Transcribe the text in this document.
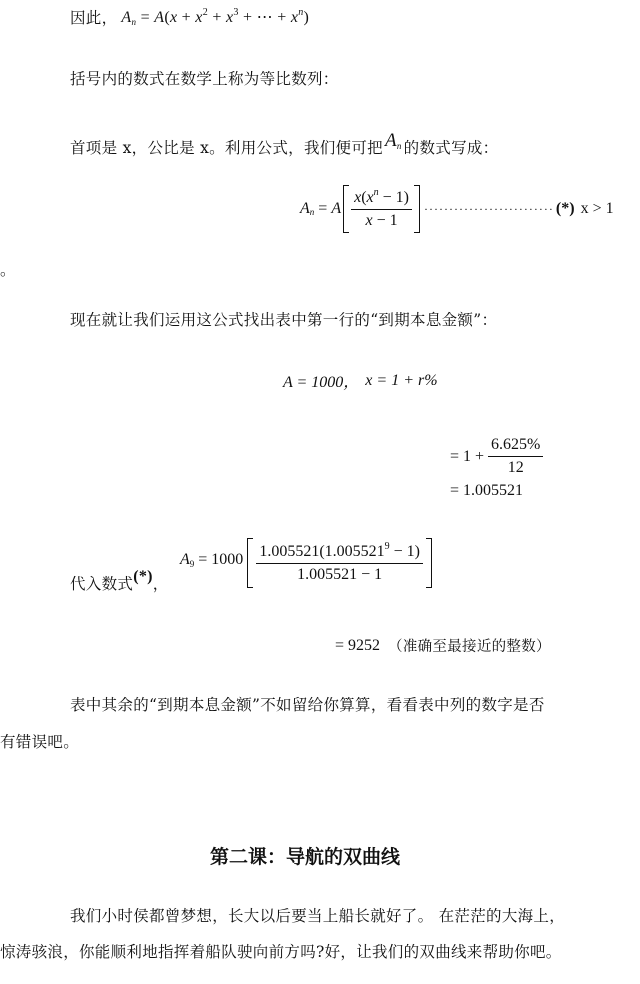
因此， $A_n = A(x + x^2 + x^3$ + ⋯ + $x^n$)
括号内的数式在数学上称为等比数列：
首项是 x，公比是 x。利用公式，我们便可把 $A_n$ 的数式写成：
$A_n = A \frac{x(x^n - 1)}{x - 1}$ ·························· (*) x > 1
。
现在就让我们运用这公式找出表中第一行的“到期本息金额”：
A = 1000， x = 1 + r%
= $1 + \frac{6.625\%}{12}$
= 1.005521
代入数式 (*) ，
$A_9 = 1000 \frac{1.005521(1.005521^9 - 1)}{1.005521 - 1}$
= 9252 （准确至最接近的整数）
表中其余的“到期本息金额”不如留给你算算，看看表中列的数字是否
有错误吧。
第二课：导航的双曲线
我们小时侯都曾梦想，长大以后要当上船长就好了。 在茫茫的大海上，
惊涛骇浪，你能顺利地指挥着船队驶向前方吗?好，让我们的双曲线来帮助你吧。
